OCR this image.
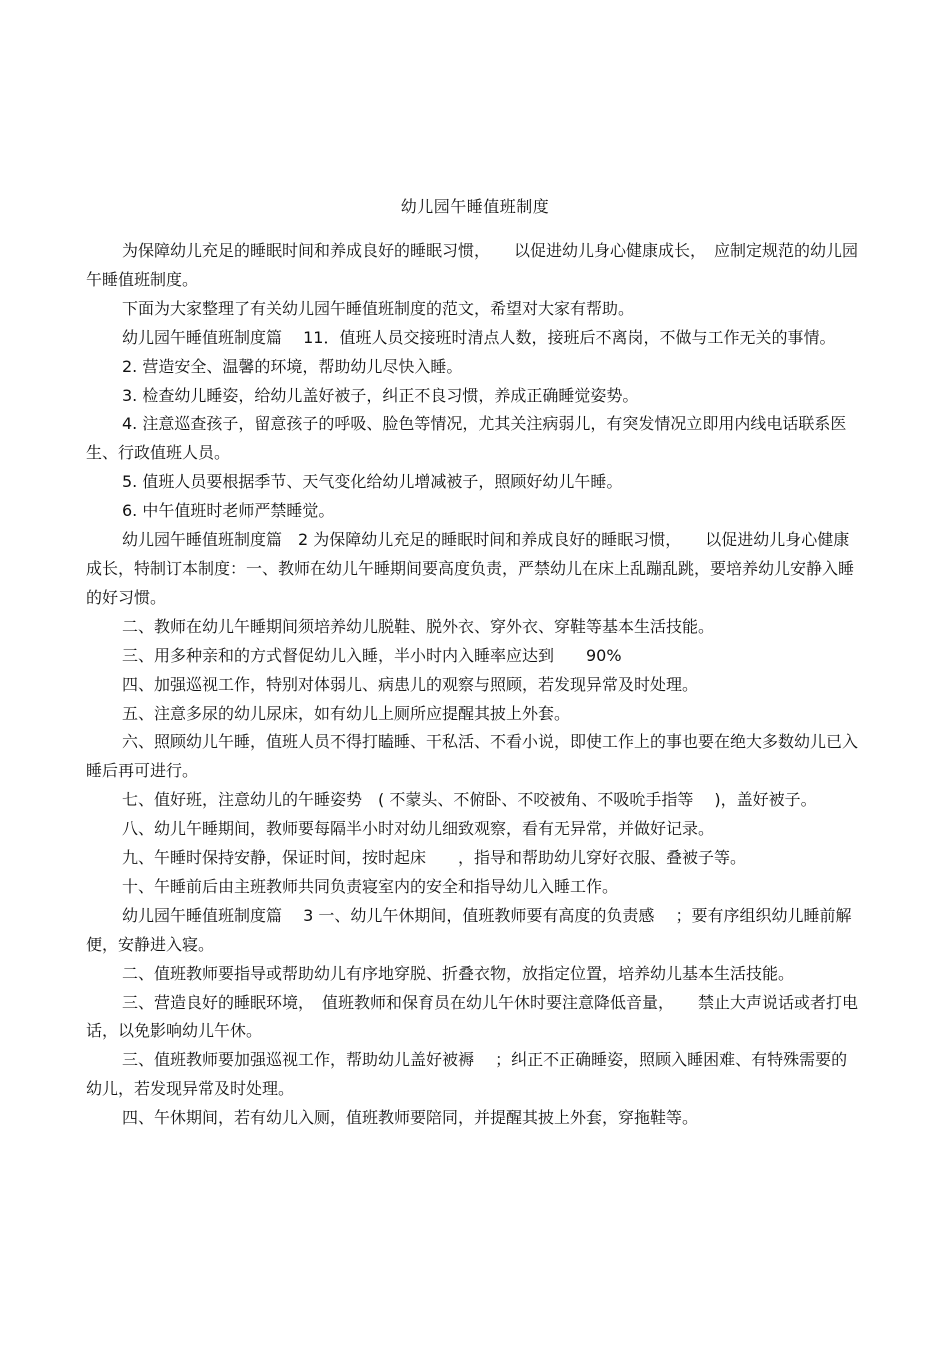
幼儿园午睡值班制度

为保障幼儿充足的睡眠时间和养成良好的睡眠习惯，　　以促进幼儿身心健康成长，　应制定规范的幼儿园午睡值班制度。

下面为大家整理了有关幼儿园午睡值班制度的范文，希望对大家有帮助。

幼儿园午睡值班制度篇　 11．值班人员交接班时清点人数，接班后不离岗，不做与工作无关的事情。

2. 营造安全、温馨的环境，帮助幼儿尽快入睡。

3. 检查幼儿睡姿，给幼儿盖好被子，纠正不良习惯，养成正确睡觉姿势。

4. 注意巡查孩子，留意孩子的呼吸、脸色等情况，尤其关注病弱儿，有突发情况立即用内线电话联系医生、行政值班人员。

5. 值班人员要根据季节、天气变化给幼儿增减被子，照顾好幼儿午睡。

6. 中午值班时老师严禁睡觉。

幼儿园午睡值班制度篇　2 为保障幼儿充足的睡眠时间和养成良好的睡眠习惯，　　以促进幼儿身心健康成长，特制订本制度：一、教师在幼儿午睡期间要高度负责，严禁幼儿在床上乱蹦乱跳，要培养幼儿安静入睡的好习惯。

二、教师在幼儿午睡期间须培养幼儿脱鞋、脱外衣、穿外衣、穿鞋等基本生活技能。

三、用多种亲和的方式督促幼儿入睡，半小时内入睡率应达到　　90%

四、加强巡视工作，特别对体弱儿、病患儿的观察与照顾，若发现异常及时处理。

五、注意多尿的幼儿尿床，如有幼儿上厕所应提醒其披上外套。

六、照顾幼儿午睡，值班人员不得打瞌睡、干私活、不看小说，即使工作上的事也要在绝大多数幼儿已入睡后再可进行。

七、值好班，注意幼儿的午睡姿势　( 不蒙头、不俯卧、不咬被角、不吸吮手指等　 )，盖好被子。

八、幼儿午睡期间，教师要每隔半小时对幼儿细致观察，看有无异常，并做好记录。

九、午睡时保持安静，保证时间，按时起床　　，指导和帮助幼儿穿好衣服、叠被子等。

十、午睡前后由主班教师共同负责寝室内的安全和指导幼儿入睡工作。

幼儿园午睡值班制度篇　 3 一、幼儿午休期间，值班教师要有高度的负责感　 ；要有序组织幼儿睡前解便，安静进入寝。

二、值班教师要指导或帮助幼儿有序地穿脱、折叠衣物，放指定位置，培养幼儿基本生活技能。

三、营造良好的睡眠环境，　值班教师和保育员在幼儿午休时要注意降低音量，　　禁止大声说话或者打电话，以免影响幼儿午休。

三、值班教师要加强巡视工作，帮助幼儿盖好被褥　 ；纠正不正确睡姿，照顾入睡困难、有特殊需要的幼儿，若发现异常及时处理。

四、午休期间，若有幼儿入厕，值班教师要陪同，并提醒其披上外套，穿拖鞋等。
